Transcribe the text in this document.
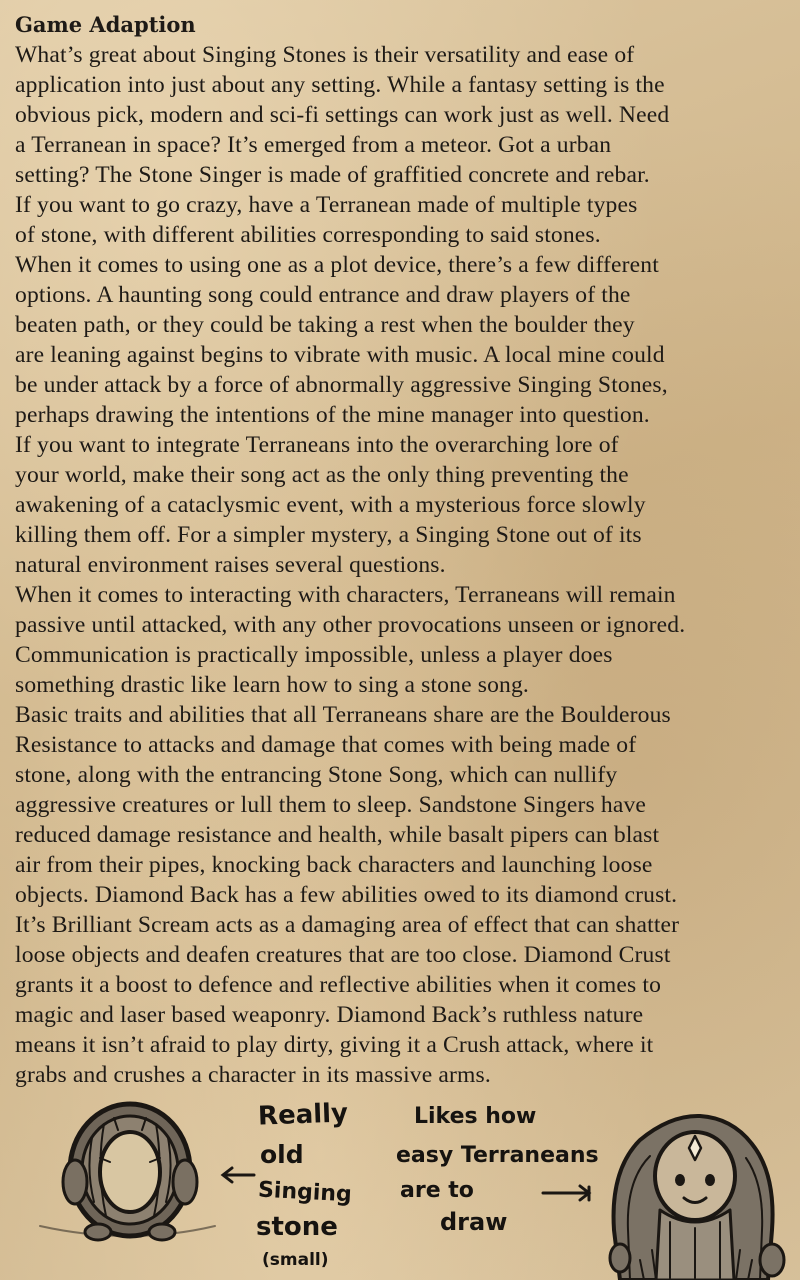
Game Adaption

What’s great about Singing Stones is their versatility and ease of
application into just about any setting. While a fantasy setting is the
obvious pick, modern and sci-fi settings can work just as well. Need
a Terranean in space? It’s emerged from a meteor. Got a urban
setting? The Stone Singer is made of graffitied concrete and rebar.
If you want to go crazy, have a Terranean made of multiple types
of stone, with different abilities corresponding to said stones.

When it comes to using one as a plot device, there’s a few different
options. A haunting song could entrance and draw players of the
beaten path, or they could be taking a rest when the boulder they
are leaning against begins to vibrate with music. A local mine could
be under attack by a force of abnormally aggressive Singing Stones,
perhaps drawing the intentions of the mine manager into question.
If you want to integrate Terraneans into the overarching lore of
your world, make their song act as the only thing preventing the
awakening of a cataclysmic event, with a mysterious force slowly
killing them off. For a simpler mystery, a Singing Stone out of its
natural environment raises several questions.

When it comes to interacting with characters, Terraneans will remain
passive until attacked, with any other provocations unseen or ignored.
Communication is practically impossible, unless a player does
something drastic like learn how to sing a stone song.

Basic traits and abilities that all Terraneans share are the Boulderous
Resistance to attacks and damage that comes with being made of
stone, along with the entrancing Stone Song, which can nullify
aggressive creatures or lull them to sleep. Sandstone Singers have
reduced damage resistance and health, while basalt pipers can blast
air from their pipes, knocking back characters and launching loose
objects. Diamond Back has a few abilities owed to its diamond crust.
It’s Brilliant Scream acts as a damaging area of effect that can shatter
loose objects and deafen creatures that are too close. Diamond Crust
grants it a boost to defence and reflective abilities when it comes to
magic and laser based weaponry. Diamond Back’s ruthless nature
means it isn’t afraid to play dirty, giving it a Crush attack, where it
grabs and crushes a character in its massive arms.

Really
old
Singing
stone
(small)
Likes how
easy Terraneans
are to
draw
